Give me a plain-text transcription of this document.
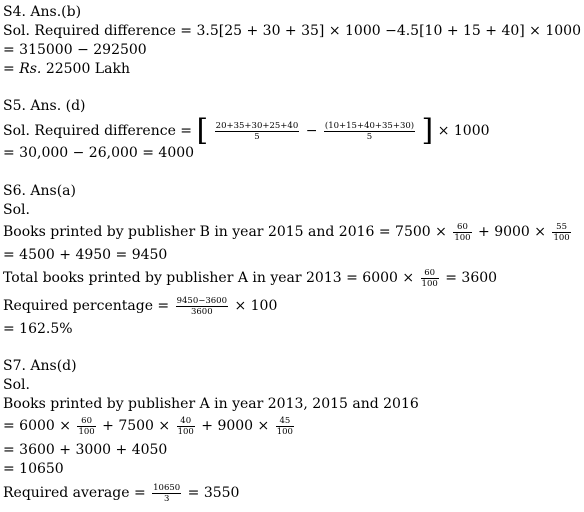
S4. Ans.(b)
Sol. Required difference = 3.5[25 + 30 + 35] × 1000 −4.5[10 + 15 + 40] × 1000
= 315000 − 292500
= Rs. 22500 Lakh
S5. Ans. (d)
Sol. Required difference = [ $\frac{20+35+30+25+40}{5} - \frac{(10+15+40+35+30)}{5}$ ] × 1000
= 30,000 − 26,000 = 4000
S6. Ans(a)
Sol.
Books printed by publisher B in year 2015 and $2016 = 7500 \times \frac{60}{100} + 9000 \times \frac{55}{100}$
= 4500 + 4950 = 9450
Total books printed by publisher A in year $2013 = 6000 \times \frac{60}{100} = 3600$
Required percentage = $\frac{9450-3600}{3600} \times 100$
= 162.5%
S7. Ans(d)
Sol.
Books printed by publisher A in year 2013, 2015 and 2016
= $6000 \times \frac{60}{100} + 7500 \times \frac{40}{100} + 9000 \times \frac{45}{100}$
= 3600 + 3000 + 4050
= 10650
Required average = $\frac{10650}{3} = 3550$
